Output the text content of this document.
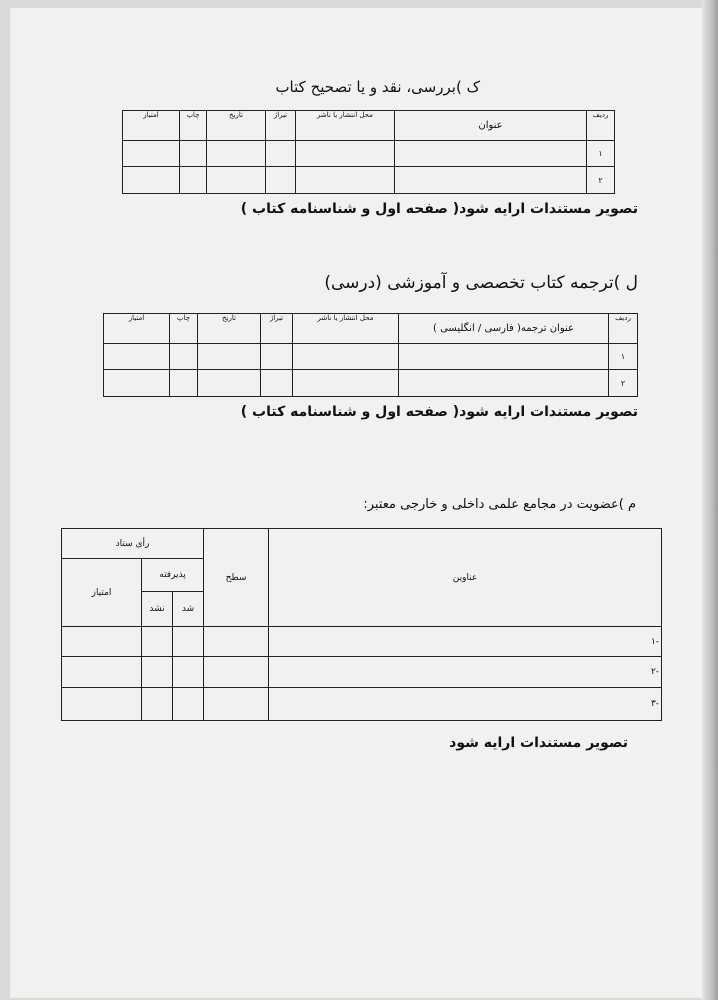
ک )بررسی، نقد و یا تصحیح کتاب

ردیف	عنوان	محل انتشار یا ناشر	تیراژ	تاریخ	چاپ	امتیاز
۱						
۲						

تصویر مستندات ارایه شود( صفحه اول و شناسنامه کتاب )

ل )ترجمه کتاب تخصصی و آموزشی (درسی)

ردیف	عنوان ترجمه( فارسی / انگلیسی )	محل انتشار یا ناشر	تیراژ	تاریخ	چاپ	امتیاز
۱						
۲						

تصویر مستندات ارایه شود( صفحه اول و شناسنامه کتاب )

م )عضویت در مجامع علمی داخلی و خارجی معتبر:

عناوین	سطح	رأی ستاد		
		پذیرفته		امتیاز
		شد	نشد	
-۱				
-۲				
-۳				

تصویر مستندات ارایه شود
